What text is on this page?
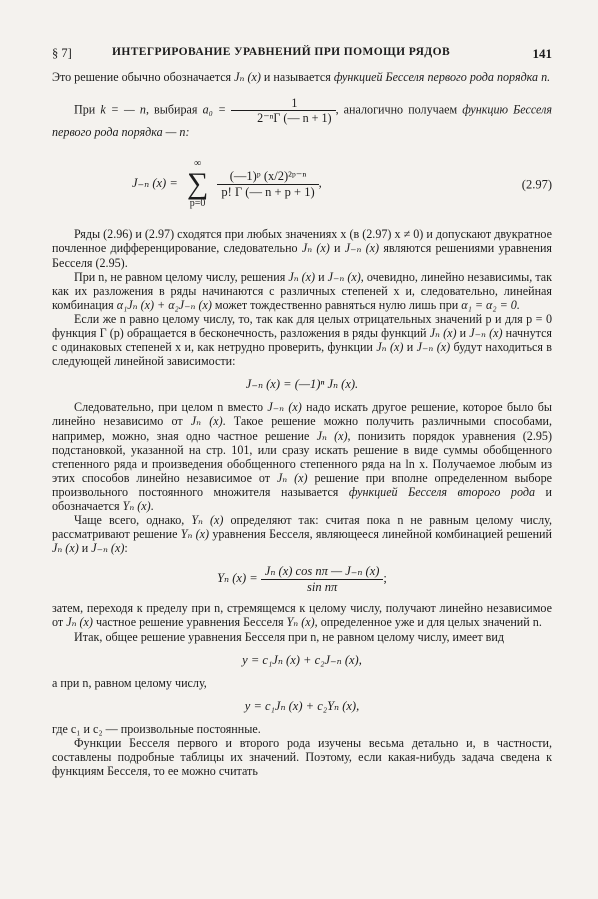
§ 7]	ИНТЕГРИРОВАНИЕ УРАВНЕНИЙ ПРИ ПОМОЩИ РЯДОВ	141

Это решение обычно обозначается Jₙ (x) и называется функцией Бесселя первого рода порядка n.

При k = — n, выбирая $a_0 = \frac{1}{\text{2⁻ⁿΓ (— n + 1)}}$ , аналогично получаем функцию Бесселя первого рода порядка — n:

J₋ₙ (x) =
∞
∑
p=0

$\frac{\text{(—1)ᵖ (x/2)²ᵖ⁻ⁿ}}{p! \Gamma (— n + p + 1)}$ ,	(2.97)

Ряды (2.96) и (2.97) сходятся при любых значениях x (в (2.97) x ≠ 0) и допускают двукратное почленное дифференцирование, следовательно Jₙ (x) и J₋ₙ (x) являются решениями уравнения Бесселя (2.95).

При n, не равном целому числу, решения Jₙ (x) и J₋ₙ (x), очевидно, линейно независимы, так как их разложения в ряды начинаются с различных степеней x и, следовательно, линейная комбинация α₁Jₙ (x) + α₂J₋ₙ (x) может тождественно равняться нулю лишь при α₁ = α₂ = 0.

Если же n равно целому числу, то, так как для целых отрицательных значений p и для p = 0 функция Г (p) обращается в бесконечность, разложения в ряды функций Jₙ (x) и J₋ₙ (x) начнутся с одинаковых степеней x и, как нетрудно проверить, функции Jₙ (x) и J₋ₙ (x) будут находиться в следующей линейной зависимости:

J₋ₙ (x) = (—1)ⁿ Jₙ (x).

Следовательно, при целом n вместо J₋ₙ (x) надо искать другое решение, которое было бы линейно независимо от Jₙ (x). Такое решение можно получить различными способами, например, можно, зная одно частное решение Jₙ (x), понизить порядок уравнения (2.95) подстановкой, указанной на стр. 101, или сразу искать решение в виде суммы обобщенного степенного ряда и произведения обобщенного степенного ряда на ln x. Получаемое любым из этих способов линейно независимое от Jₙ (x) решение при вполне определенном выборе произвольного постоянного множителя называется функцией Бесселя второго рода и обозначается Yₙ (x).

Чаще всего, однако, Yₙ (x) определяют так: считая пока n не равным целому числу, рассматривают решение Yₙ (x) уравнения Бесселя, являющееся линейной комбинацией решений Jₙ (x) и J₋ₙ (x):

Yₙ $(x) = \frac{\text{Jₙ (x) cos nπ — J₋ₙ (x)}}{\text{sin nπ}}$ ;

затем, переходя к пределу при n, стремящемся к целому числу, получают линейно независимое от Jₙ (x) частное решение уравнения Бесселя Yₙ (x), определенное уже и для целых значений n.

Итак, общее решение уравнения Бесселя при n, не равном целому числу, имеет вид

y = c₁Jₙ (x) + c₂J₋ₙ (x),

а при n, равном целому числу,

y = c₁Jₙ (x) + c₂Yₙ (x),

где c₁ и c₂ — произвольные постоянные.

Функции Бесселя первого и второго рода изучены весьма детально и, в частности, составлены подробные таблицы их значений. Поэтому, если какая-нибудь задача сведена к функциям Бесселя, то ее можно считать
